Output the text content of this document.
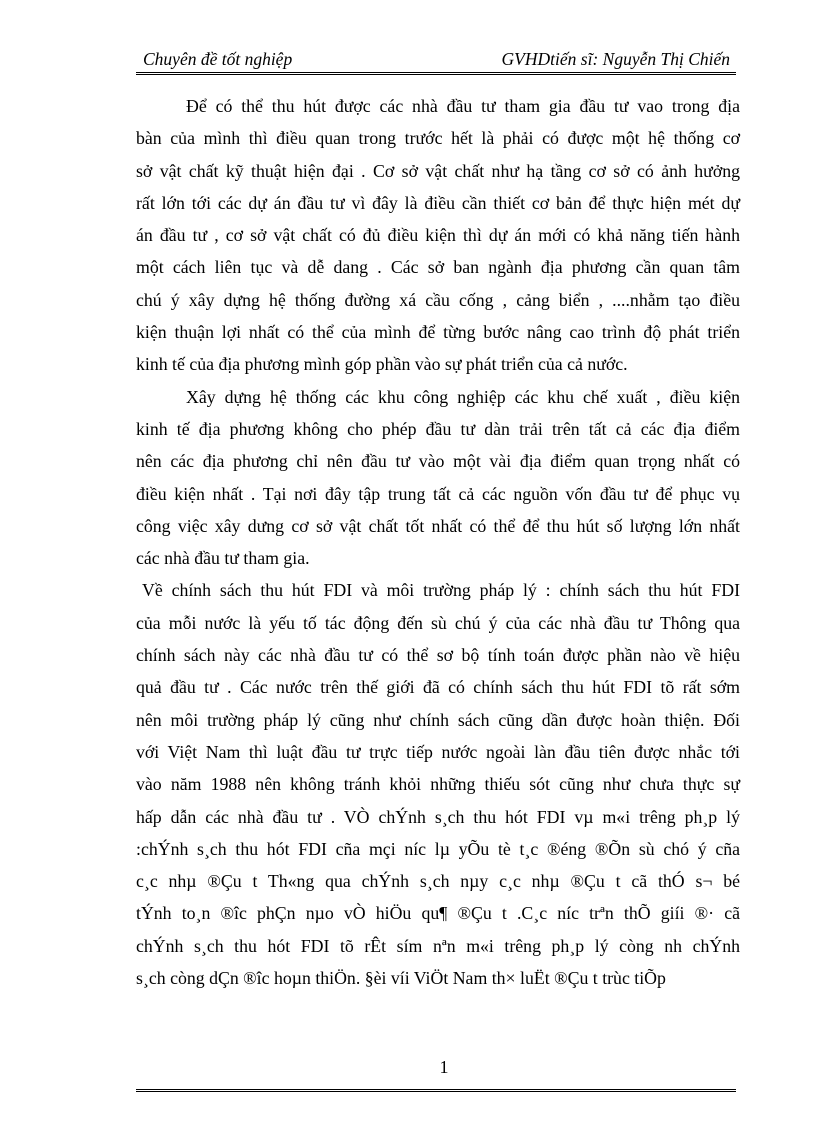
Chuyên đề tốt nghiệp	GVHDtiến sĩ: Nguyễn Thị Chiến
Để có thể thu hút được các nhà đầu tư tham gia đầu tư vao trong địa
bàn của mình thì điều quan trong trước hết là phải có được một hệ thống cơ
sở vật chất kỹ thuật hiện đại . Cơ sở vật chất như hạ tầng cơ sở có ảnh hưởng
rất lớn tới các dự án đầu tư vì đây là điều cần thiết cơ bản để thực hiện mét dự
án đầu tư , cơ sở vật chất có đủ điều kiện thì dự án mới có khả năng tiến hành
một cách liên tục và dễ dang . Các sở ban ngành địa phương cần quan tâm
chú ý xây dựng hệ thống đường xá cầu cống , cảng biển , ....nhằm tạo điều
kiện thuận lợi nhất có thể của mình để từng bước nâng cao trình độ phát triển
kinh tế của địa phương mình góp phần vào sự phát triển của cả nước.
Xây dựng hệ thống các khu công nghiệp các khu chế xuất , điều kiện
kinh tế địa phương không cho phép đầu tư dàn trải trên tất cả các địa điểm
nên các địa phương chỉ nên đầu tư vào một vài địa điểm quan trọng nhất có
điều kiện nhất . Tại nơi đây tập trung tất cả các nguồn vốn đầu tư để phục vụ
công việc xây dưng cơ sở vật chất tốt nhất có thể để thu hút số lượng lớn nhất
các nhà đầu tư tham gia.
Về chính sách thu hút FDI và môi trường pháp lý : chính sách thu hút FDI
của mỗi nước là yếu tố tác động đến sù chú ý của các nhà đầu tư Thông qua
chính sách này các nhà đầu tư có thể sơ bộ tính toán được phần nào về hiệu
quả đầu tư . Các nước trên thế giới đã có chính sách thu hút FDI tõ rất sớm
nên môi trường pháp lý cũng như chính sách cũng dần được hoàn thiện. Đối
với Việt Nam thì luật đầu tư trực tiếp nước ngoài làn đầu tiên được nhắc tới
vào năm 1988 nên không tránh khỏi những thiếu sót cũng như chưa thực sự
hấp dẫn các nhà đầu tư . VÒ chÝnh s¸ch thu hót FDI vµ m«i trêng ph¸p lý
:chÝnh s¸ch thu hót FDI cña mçi níc lµ yÕu tè t¸c ®éng ®Õn sù chó ý cña
c¸c nhµ ®Çu t Th«ng qua chÝnh s¸ch nµy c¸c nhµ ®Çu t cã thÓ s¬ bé
tÝnh to¸n ®îc phÇn nµo vÒ hiÖu qu¶ ®Çu t .C¸c níc trªn thÕ giíi ®· cã
chÝnh s¸ch thu hót FDI tõ rÊt sím nªn m«i trêng ph¸p lý còng nh chÝnh
s¸ch còng dÇn ®îc hoµn thiÖn. §èi víi ViÖt Nam th× luËt ®Çu t trùc tiÕp
1
